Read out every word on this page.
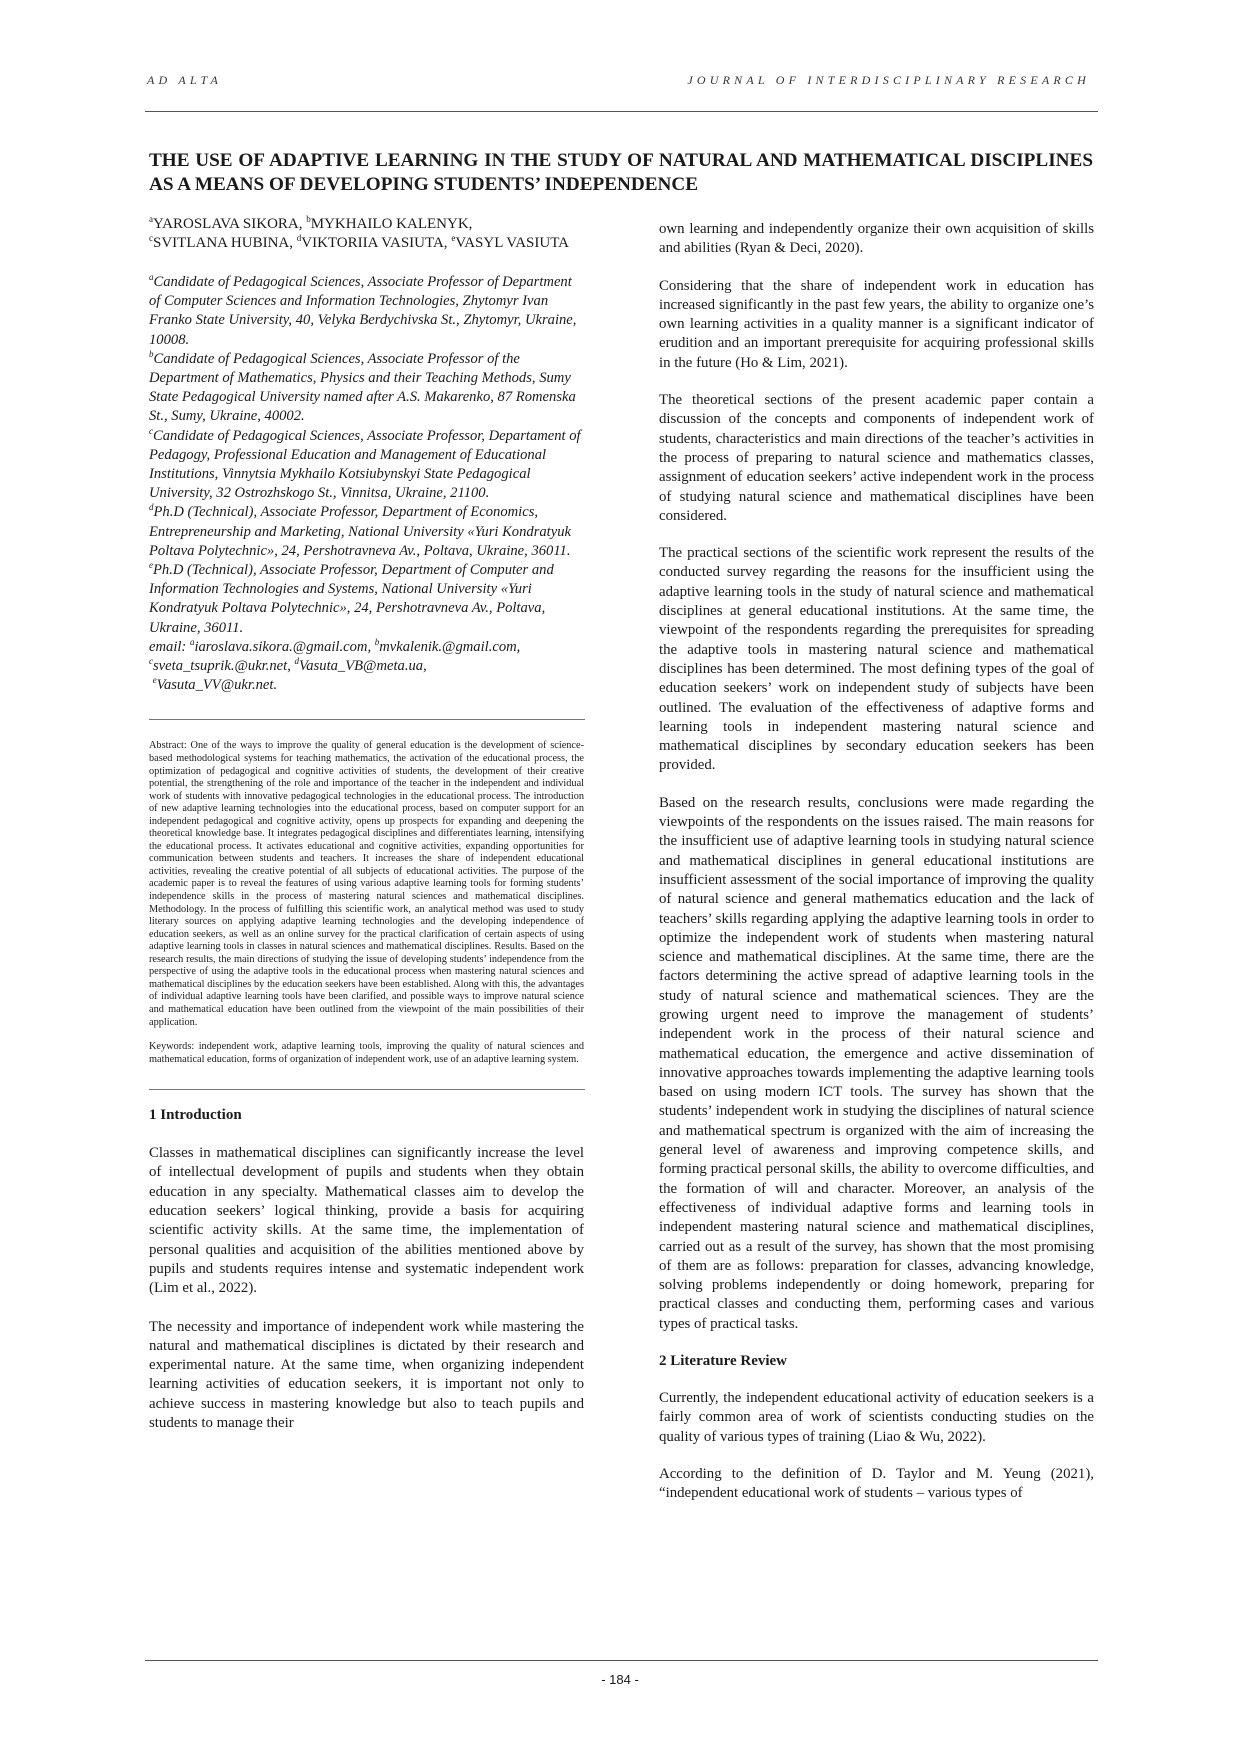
AD ALTA	JOURNAL OF INTERDISCIPLINARY RESEARCH
THE USE OF ADAPTIVE LEARNING IN THE STUDY OF NATURAL AND MATHEMATICAL DISCIPLINES AS A MEANS OF DEVELOPING STUDENTS’ INDEPENDENCE

$^a$YAROSLAVA SIKORA, $^b$MYKHAILO KALENYK,
$^c$SVITLANA HUBINA, $^d$VIKTORIIA VASIUTA, $^e$VASYL VASIUTA

$^a$Candidate of Pedagogical Sciences, Associate Professor of Department of Computer Sciences and Information Technologies, Zhytomyr Ivan Franko State University, 40, Velyka Berdychivska St., Zhytomyr, Ukraine, 10008.

$^b$Candidate of Pedagogical Sciences, Associate Professor of the Department of Mathematics, Physics and their Teaching Methods, Sumy State Pedagogical University named after A.S. Makarenko, 87 Romenska St., Sumy, Ukraine, 40002.

$^c$Candidate of Pedagogical Sciences, Associate Professor, Departament of Pedagogy, Professional Education and Management of Educational Institutions, Vinnytsia Mykhailo Kotsiubynskyi State Pedagogical University, 32 Ostrozhskogo St., Vinnitsa, Ukraine, 21100.

$^d$Ph.D (Technical), Associate Professor, Department of Economics, Entrepreneurship and Marketing, National University «Yuri Kondratyuk Poltava Polytechnic», 24, Pershotravneva Av., Poltava, Ukraine, 36011.

$^e$Ph.D (Technical), Associate Professor, Department of Computer and Information Technologies and Systems, National University «Yuri Kondratyuk Poltava Polytechnic», 24, Pershotravneva Av., Poltava, Ukraine, 36011.

email: $^a$iaroslava.sikora.@gmail.com, $^b$mvkalenik.@gmail.com, $^c$sveta_tsuprik.@ukr.net, $^d$Vasuta_VB@meta.ua,
$^e$Vasuta_VV@ukr.net.

Abstract: One of the ways to improve the quality of general education is the development of science-based methodological systems for teaching mathematics, the activation of the educational process, the optimization of pedagogical and cognitive activities of students, the development of their creative potential, the strengthening of the role and importance of the teacher in the independent and individual work of students with innovative pedagogical technologies in the educational process. The introduction of new adaptive learning technologies into the educational process, based on computer support for an independent pedagogical and cognitive activity, opens up prospects for expanding and deepening the theoretical knowledge base. It integrates pedagogical disciplines and differentiates learning, intensifying the educational process. It activates educational and cognitive activities, expanding opportunities for communication between students and teachers. It increases the share of independent educational activities, revealing the creative potential of all subjects of educational activities. The purpose of the academic paper is to reveal the features of using various adaptive learning tools for forming students’ independence skills in the process of mastering natural sciences and mathematical disciplines. Methodology. In the process of fulfilling this scientific work, an analytical method was used to study literary sources on applying adaptive learning technologies and the developing independence of education seekers, as well as an online survey for the practical clarification of certain aspects of using adaptive learning tools in classes in natural sciences and mathematical disciplines. Results. Based on the research results, the main directions of studying the issue of developing students’ independence from the perspective of using the adaptive tools in the educational process when mastering natural sciences and mathematical disciplines by the education seekers have been established. Along with this, the advantages of individual adaptive learning tools have been clarified, and possible ways to improve natural science and mathematical education have been outlined from the viewpoint of the main possibilities of their application.

Keywords: independent work, adaptive learning tools, improving the quality of natural sciences and mathematical education, forms of organization of independent work, use of an adaptive learning system.

1 Introduction

Classes in mathematical disciplines can significantly increase the level of intellectual development of pupils and students when they obtain education in any specialty. Mathematical classes aim to develop the education seekers’ logical thinking, provide a basis for acquiring scientific activity skills. At the same time, the implementation of personal qualities and acquisition of the abilities mentioned above by pupils and students requires intense and systematic independent work (Lim et al., 2022).

The necessity and importance of independent work while mastering the natural and mathematical disciplines is dictated by their research and experimental nature. At the same time, when organizing independent learning activities of education seekers, it is important not only to achieve success in mastering knowledge but also to teach pupils and students to manage their

own learning and independently organize their own acquisition of skills and abilities (Ryan & Deci, 2020).

Considering that the share of independent work in education has increased significantly in the past few years, the ability to organize one’s own learning activities in a quality manner is a significant indicator of erudition and an important prerequisite for acquiring professional skills in the future (Ho & Lim, 2021).

The theoretical sections of the present academic paper contain a discussion of the concepts and components of independent work of students, characteristics and main directions of the teacher’s activities in the process of preparing to natural science and mathematics classes, assignment of education seekers’ active independent work in the process of studying natural science and mathematical disciplines have been considered.

The practical sections of the scientific work represent the results of the conducted survey regarding the reasons for the insufficient using the adaptive learning tools in the study of natural science and mathematical disciplines at general educational institutions. At the same time, the viewpoint of the respondents regarding the prerequisites for spreading the adaptive tools in mastering natural science and mathematical disciplines has been determined. The most defining types of the goal of education seekers’ work on independent study of subjects have been outlined. The evaluation of the effectiveness of adaptive forms and learning tools in independent mastering natural science and mathematical disciplines by secondary education seekers has been provided.

Based on the research results, conclusions were made regarding the viewpoints of the respondents on the issues raised. The main reasons for the insufficient use of adaptive learning tools in studying natural science and mathematical disciplines in general educational institutions are insufficient assessment of the social importance of improving the quality of natural science and general mathematics education and the lack of teachers’ skills regarding applying the adaptive learning tools in order to optimize the independent work of students when mastering natural science and mathematical disciplines. At the same time, there are the factors determining the active spread of adaptive learning tools in the study of natural science and mathematical sciences. They are the growing urgent need to improve the management of students’ independent work in the process of their natural science and mathematical education, the emergence and active dissemination of innovative approaches towards implementing the adaptive learning tools based on using modern ICT tools. The survey has shown that the students’ independent work in studying the disciplines of natural science and mathematical spectrum is organized with the aim of increasing the general level of awareness and improving competence skills, and forming practical personal skills, the ability to overcome difficulties, and the formation of will and character. Moreover, an analysis of the effectiveness of individual adaptive forms and learning tools in independent mastering natural science and mathematical disciplines, carried out as a result of the survey, has shown that the most promising of them are as follows: preparation for classes, advancing knowledge, solving problems independently or doing homework, preparing for practical classes and conducting them, performing cases and various types of practical tasks.

2 Literature Review

Currently, the independent educational activity of education seekers is a fairly common area of work of scientists conducting studies on the quality of various types of training (Liao & Wu, 2022).

According to the definition of D. Taylor and M. Yeung (2021), “independent educational work of students – various types of

- 184 -
